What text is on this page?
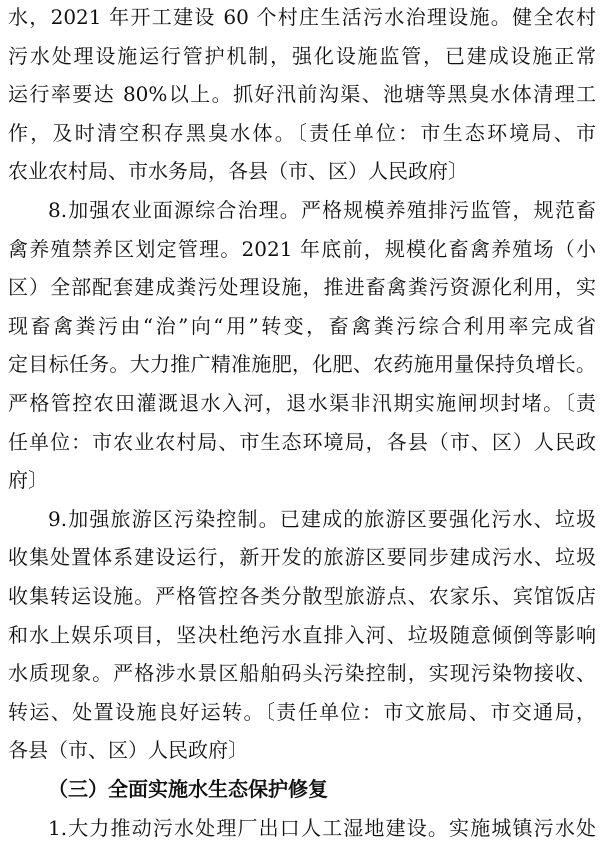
水，2021 年开工建设 60 个村庄生活污水治理设施。健全农村
污水处理设施运行管护机制，强化设施监管，已建成设施正常
运行率要达 80%以上。抓好汛前沟渠、池塘等黑臭水体清理工
作，及时清空积存黑臭水体。〔责任单位：市生态环境局、市
农业农村局、市水务局，各县（市、区）人民政府〕
8.加强农业面源综合治理。严格规模养殖排污监管，规范畜
禽养殖禁养区划定管理。2021 年底前，规模化畜禽养殖场（小
区）全部配套建成粪污处理设施，推进畜禽粪污资源化利用，实
现畜禽粪污由“治”向“用”转变，畜禽粪污综合利用率完成省
定目标任务。大力推广精准施肥，化肥、农药施用量保持负增长。
严格管控农田灌溉退水入河，退水渠非汛期实施闸坝封堵。〔责
任单位：市农业农村局、市生态环境局，各县（市、区）人民政
府〕
9.加强旅游区污染控制。已建成的旅游区要强化污水、垃圾
收集处置体系建设运行，新开发的旅游区要同步建成污水、垃圾
收集转运设施。严格管控各类分散型旅游点、农家乐、宾馆饭店
和水上娱乐项目，坚决杜绝污水直排入河、垃圾随意倾倒等影响
水质现象。严格涉水景区船舶码头污染控制，实现污染物接收、
转运、处置设施良好运转。〔责任单位：市文旅局、市交通局，
各县（市、区）人民政府〕
（三）全面实施水生态保护修复
1.大力推动污水处理厂出口人工湿地建设。实施城镇污水处
